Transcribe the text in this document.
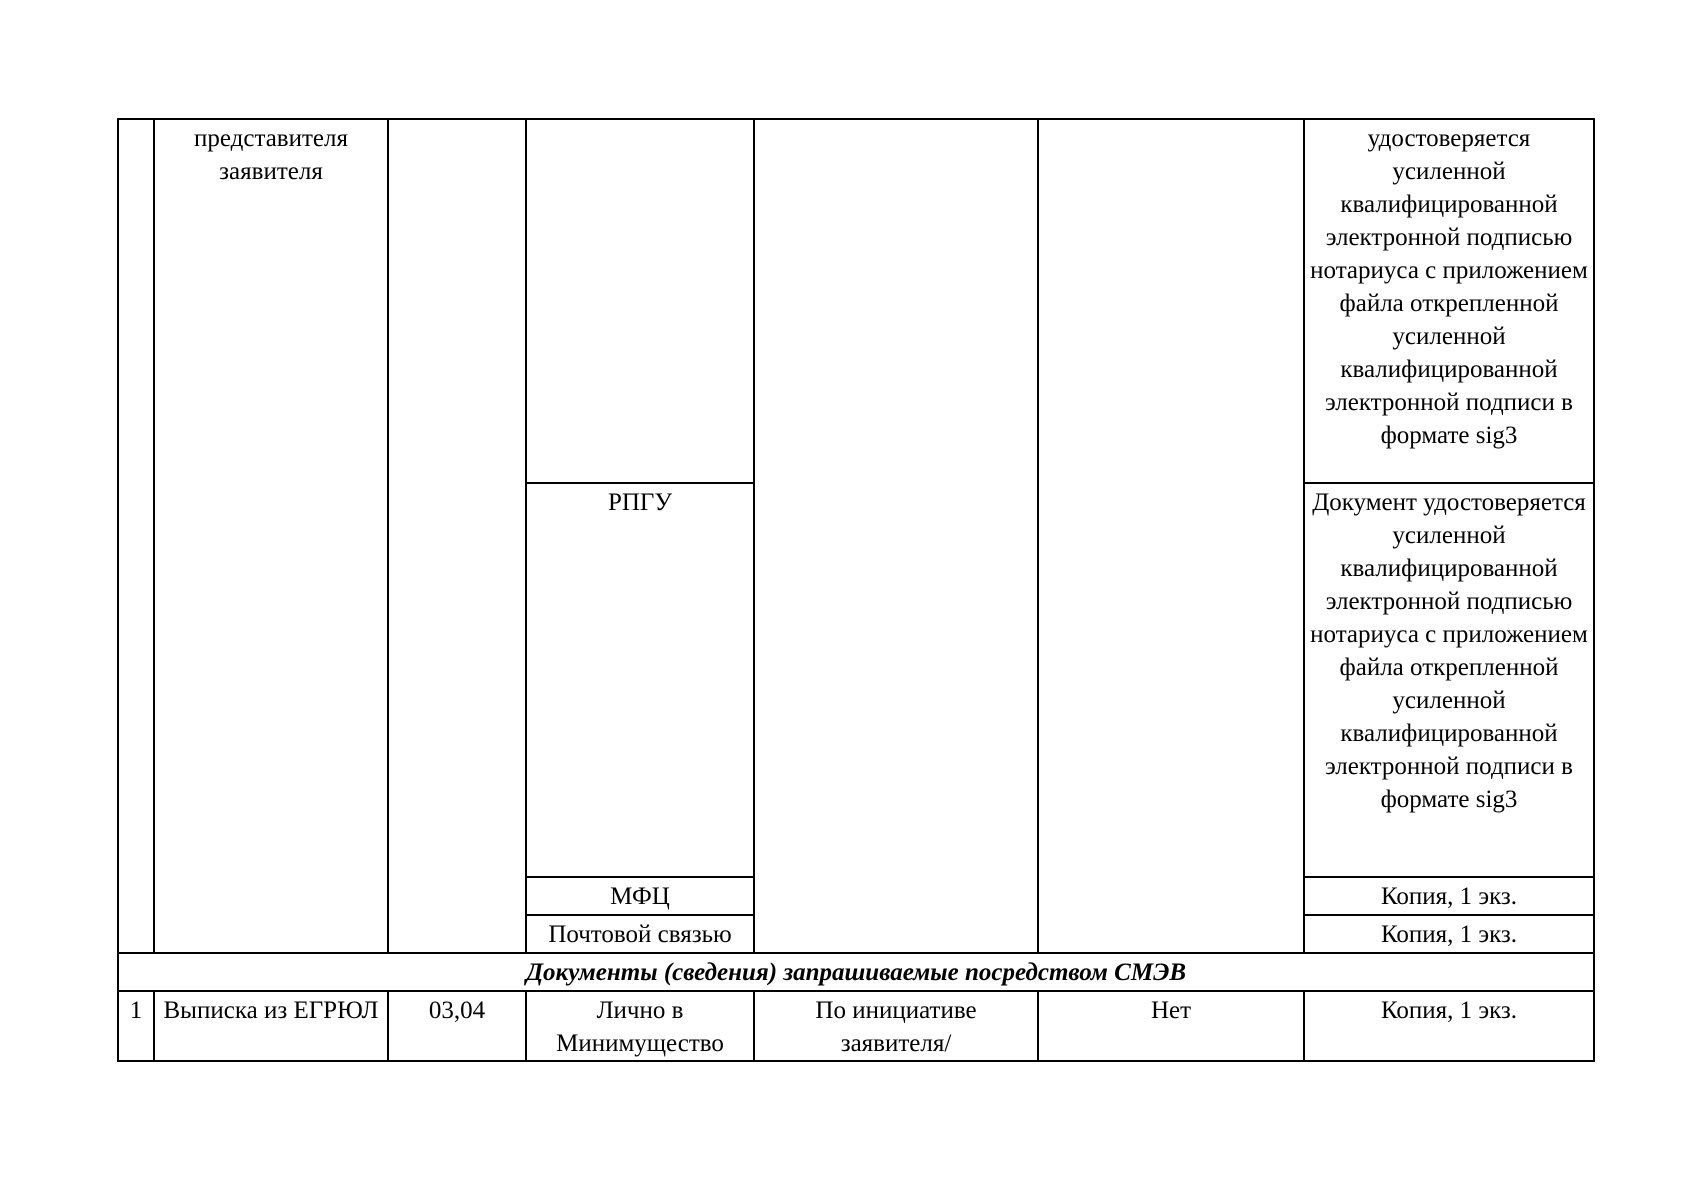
	представителя заявителя					удостоверяется усиленной квалифицированной электронной подписью нотариуса с приложением файла открепленной усиленной квалифицированной электронной подписи в формате sig3
			РПГУ			Документ удостоверяется усиленной квалифицированной электронной подписью нотариуса с приложением файла открепленной усиленной квалифицированной электронной подписи в формате sig3
			МФЦ			Копия, 1 экз.
			Почтовой связью			Копия, 1 экз.
Документы (сведения) запрашиваемые посредством СМЭВ						
1	Выписка из ЕГРЮЛ	03,04	Лично в Минимущество	По инициативе заявителя/	Нет	Копия, 1 экз.
